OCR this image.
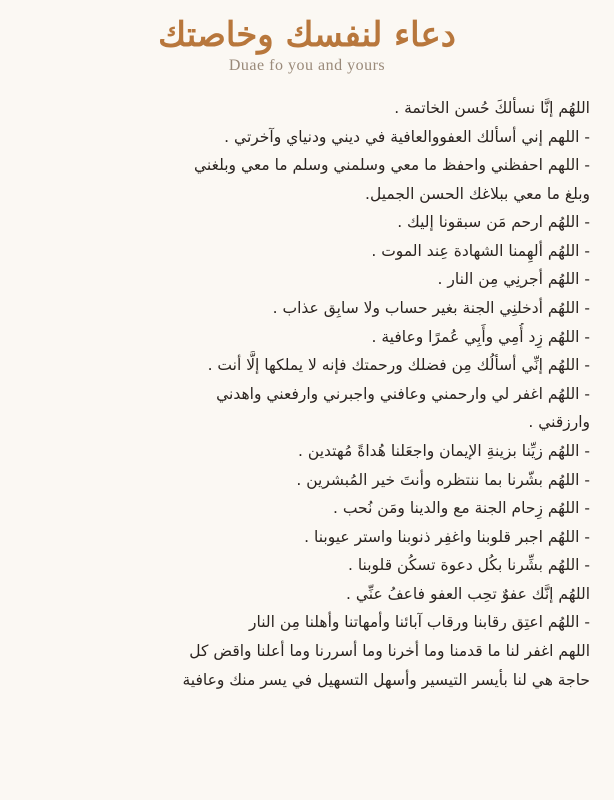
دعاء لنفسك وخاصتك
Duae fo you and yours
اللهُم إنَّا نسألكَ حُسن الخاتمة .
- اللهم إني أسألك العفووالعافية في ديني ودنياي وآخرتي .
- اللهم احفظني واحفظ ما معي وسلمني وسلم ما معي وبلغني
وبلغ ما معي ببلاغك الحسن الجميل.
- اللهُم ارحم مَن سبقونا إليك .
- اللهُم ألهِمنا الشهادة عِند الموت .
- اللهُم أجرنِي مِن النار .
- اللهُم أدخلنِي الجنة بغير حساب ولا سابِق عذاب .
- اللهُم زِد أُمِي وأَبِي عُمرًا وعافية .
- اللهُم إنِّي أسألُك مِن فضلك ورحمتك فإنه لا يملكها إلَّا أنت .
- اللهُم اغفر لي وارحمني وعافني واجبرني وارفعني واهدني
وارزقني .
- اللهُم زيِّنا بزينةِ الإيمان واجعَلنا هُداةً مُهتدين .
- اللهُم بشّرنا بما ننتظره وأنتَ خير المُبشرين .
- اللهُم زِحام الجنة مع والدينا ومَن نُحب .
- اللهُم اجبر قلوبنا واغفِر ذنوبنا واستر عيوبنا .
- اللهُم بشِّرنا بكُل دعوة تسكُن قلوبنا .
اللهُم إنَّك عفوٌ تحِب العفو فاعفُ عنِّي .
- اللهُم اعتِق رقابنا ورقاب آبائنا وأمهاتنا وأهلنا مِن النار
اللهم اغفر لنا ما قدمنا وما أخرنا وما أسررنا وما أعلنا واقض كل
حاجة هي لنا بأيسر التيسير وأسهل التسهيل في يسر منك وعافية
